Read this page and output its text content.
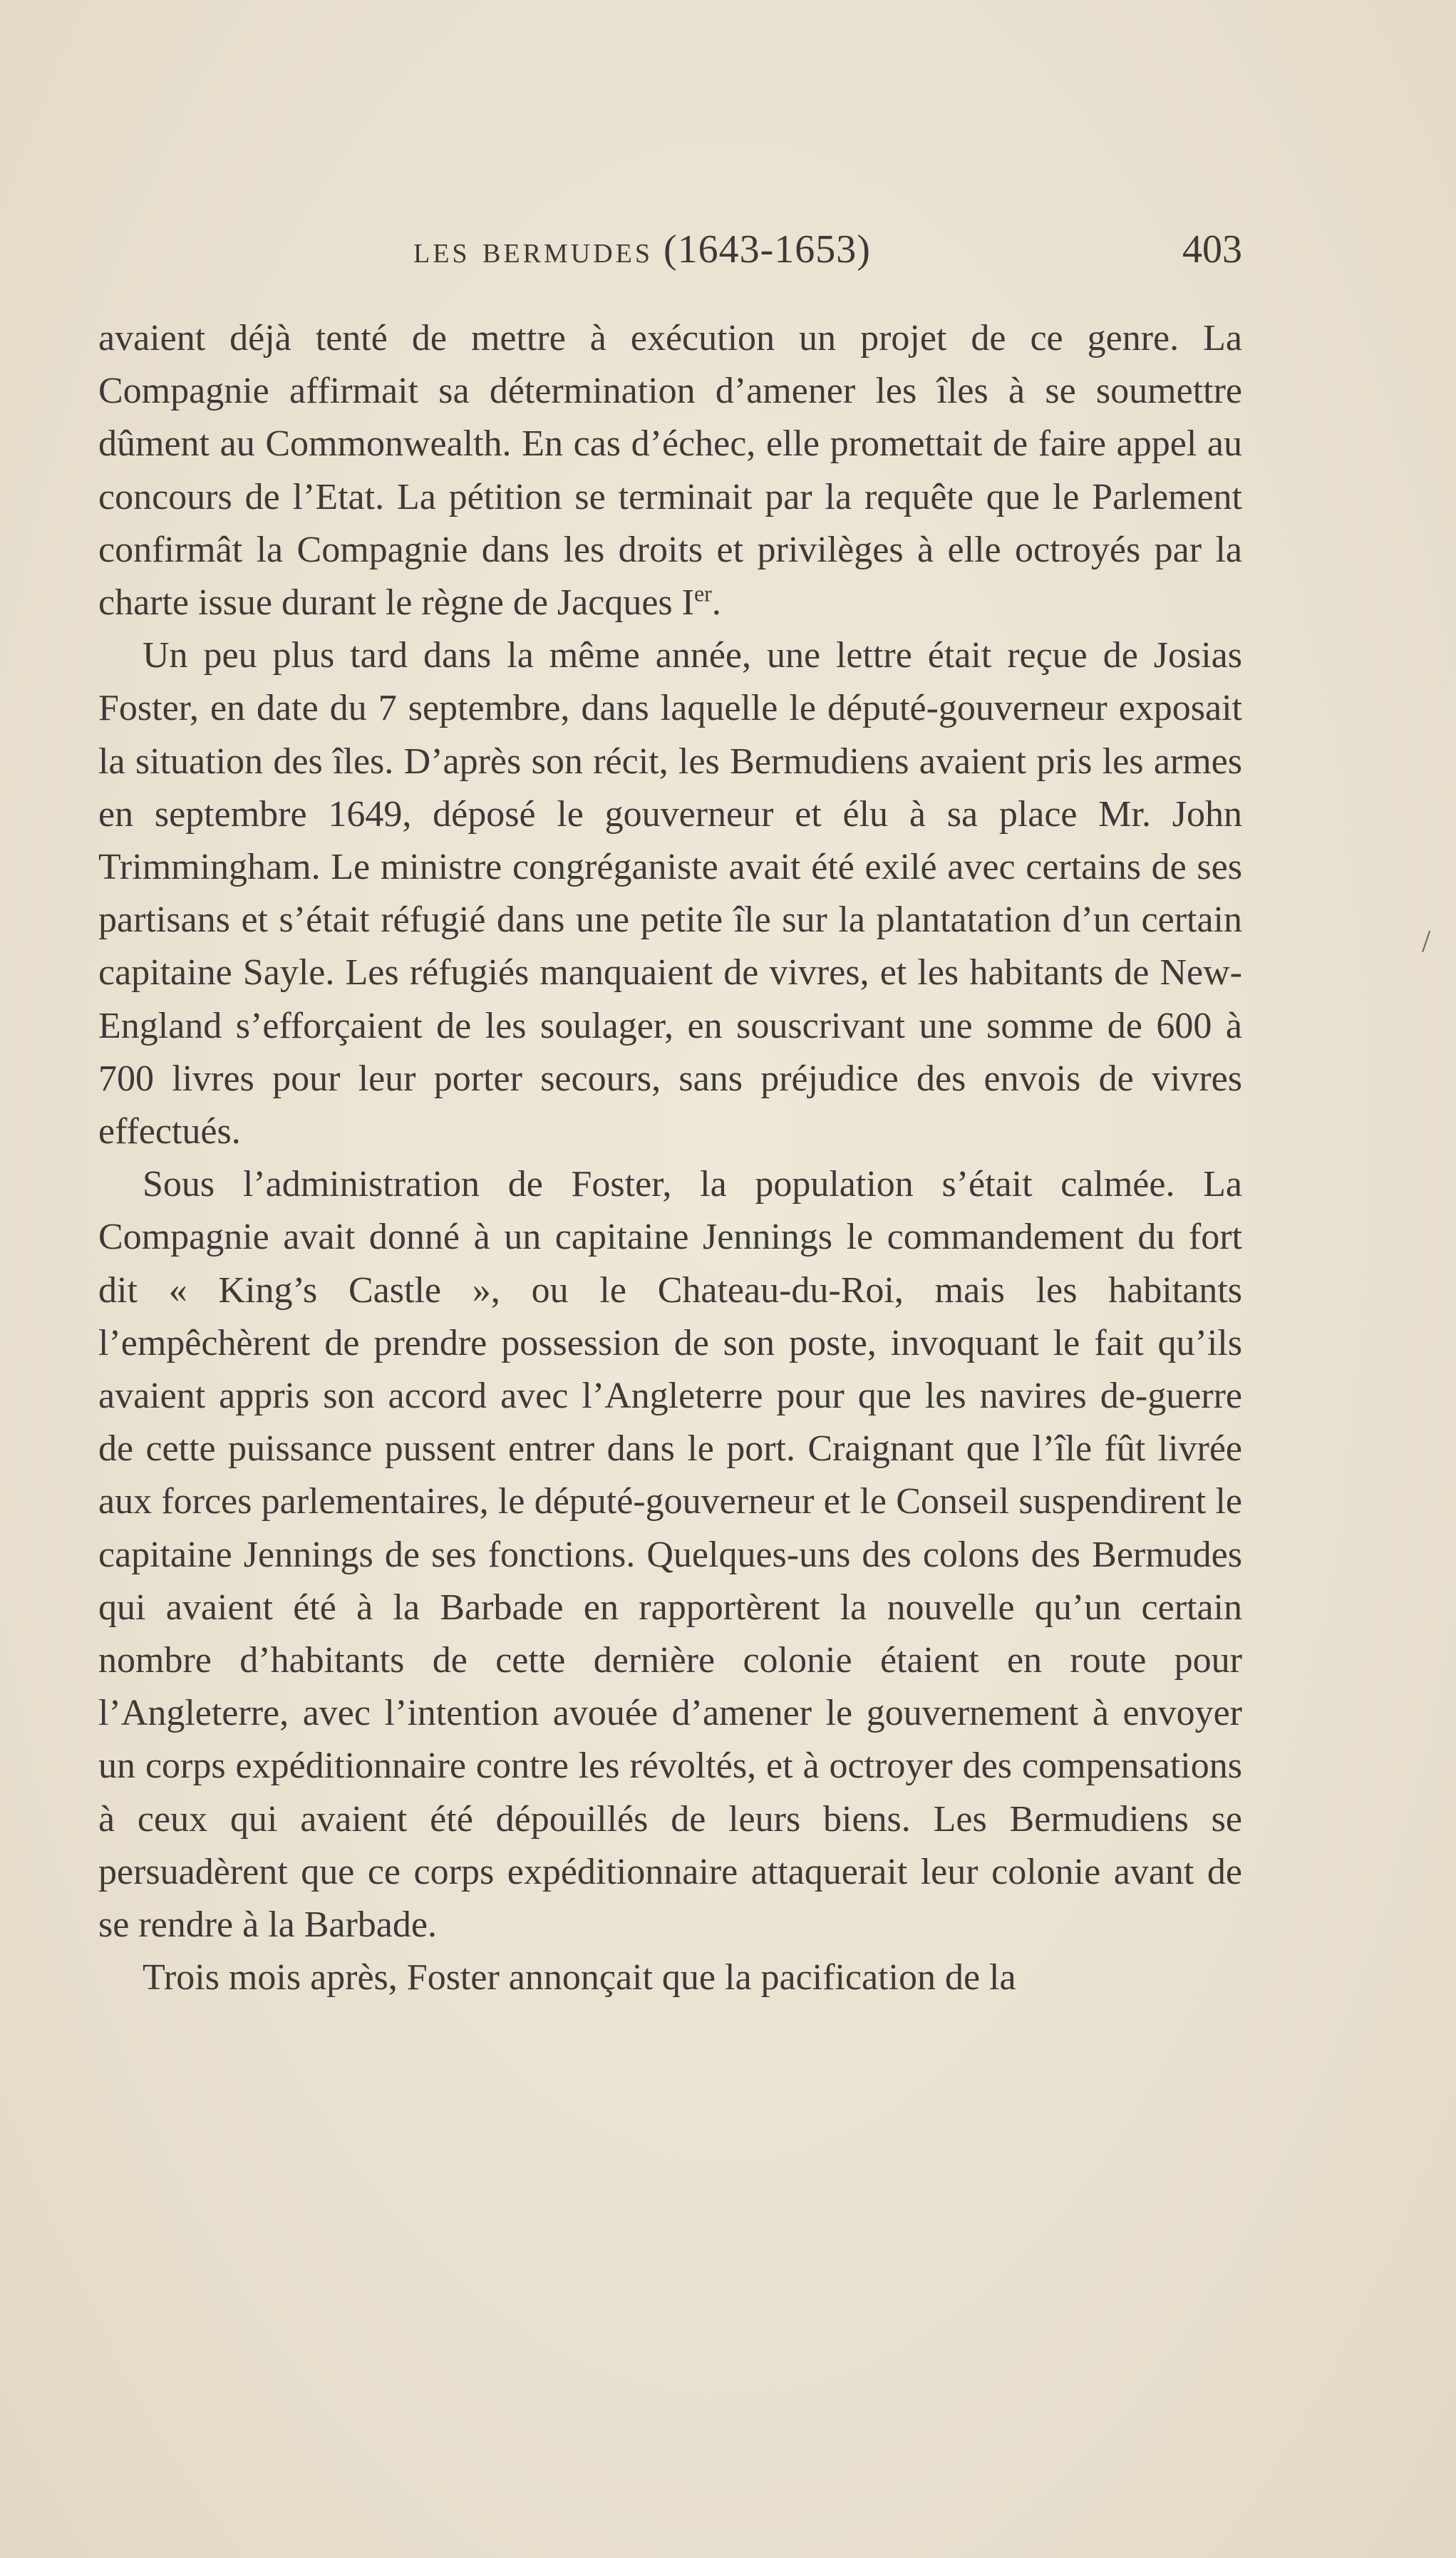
les bermudes (1643-1653)	403

avaient déjà tenté de mettre à exécution un projet de ce genre. La Compagnie affirmait sa détermination d’amener les îles à se soumettre dûment au Commonwealth. En cas d’échec, elle promettait de faire appel au concours de l’Etat. La pétition se terminait par la requête que le Parlement confirmât la Compagnie dans les droits et privilèges à elle octroyés par la charte issue durant le règne de Jacques Ier.

Un peu plus tard dans la même année, une lettre était reçue de Josias Foster, en date du 7 septembre, dans laquelle le député-gouverneur exposait la situation des îles. D’après son récit, les Bermudiens avaient pris les armes en septembre 1649, déposé le gouverneur et élu à sa place Mr. John Trimmingham. Le ministre congréganiste avait été exilé avec certains de ses partisans et s’était réfugié dans une petite île sur la plantatation d’un certain capitaine Sayle. Les réfugiés manquaient de vivres, et les habitants de New-England s’efforçaient de les soulager, en souscrivant une somme de 600 à 700 livres pour leur porter secours, sans préjudice des envois de vivres effectués.

Sous l’administration de Foster, la population s’était calmée. La Compagnie avait donné à un capitaine Jennings le commandement du fort dit « King’s Castle », ou le Chateau-du-Roi, mais les habitants l’empêchèrent de prendre possession de son poste, invoquant le fait qu’ils avaient appris son accord avec l’Angleterre pour que les navires de-guerre de cette puissance pussent entrer dans le port. Craignant que l’île fût livrée aux forces parlementaires, le député-gouverneur et le Conseil suspendirent le capitaine Jennings de ses fonctions. Quelques-uns des colons des Bermudes qui avaient été à la Barbade en rapportèrent la nouvelle qu’un certain nombre d’habitants de cette dernière colonie étaient en route pour l’Angleterre, avec l’intention avouée d’amener le gouvernement à envoyer un corps expéditionnaire contre les révoltés, et à octroyer des compensations à ceux qui avaient été dépouillés de leurs biens. Les Bermudiens se persuadèrent que ce corps expéditionnaire attaquerait leur colonie avant de se rendre à la Barbade.

Trois mois après, Foster annonçait que la pacification de la

/
